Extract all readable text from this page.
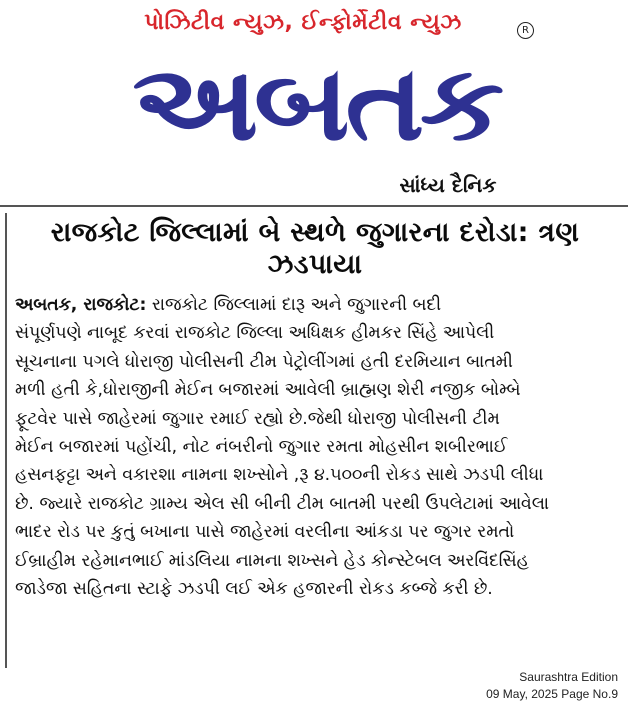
પોઝિટીવ ન્યુઝ, ઈન્ફોર્મેટીવ ન્યુઝ	R
અબતક
સાંધ્ય દૈનિક
રાજકોટ જિલ્લામાં બે સ્થળે જુગારના દરોડા: ત્રણ ઝડપાયા
અબતક, રાજકોટ: રાજકોટ જિલ્લામાં દારૂ અને જુગારની બદી
સંપૂર્ણપણે નાબૂદ કરવાં રાજકોટ જિલ્લા અધિક્ષક હીમકર સિંહે આપેલી
સૂચનાના પગલે ધોરાજી પોલીસની ટીમ પેટ્રોલીંગમાં હતી દરમિયાન બાતમી
મળી હતી કે,ધોરાજીની મેઈન બજારમાં આવેલી બ્રાહ્મણ શેરી નજીક બોમ્બે
ફૂટવેર પાસે જાહેરમાં જુગાર રમાઈ રહ્યો છે.જેથી ધોરાજી પોલીસની ટીમ
મેઈન બજારમાં પહોંચી, નોટ નંબરીનો જુગાર રમતા મોહસીન શબીરભાઈ
હસનફટ્ટા અને વકારશા નામના શખ્સોને ,રૂ ૪.૫૦૦ની રોકડ સાથે ઝડપી લીધા
છે. જ્યારે રાજકોટ ગ્રામ્ય એલ સી બીની ટીમ બાતમી પરથી ઉપલેટામાં આવેલા
ભાદર રોડ પર કુતું બખાના પાસે જાહેરમાં વરલીના આંકડા પર જુગર રમતો
ઈબ્રાહીમ રહેમાનભાઈ માંડલિયા નામના શખ્સને હેડ કોન્સ્ટેબલ અરવિંદસિંહ
જાડેજા સહિતના સ્ટાફે ઝડપી લઈ એક હજારની રોકડ કબ્જે કરી છે.
Saurashtra Edition
09 May, 2025 Page No.9
